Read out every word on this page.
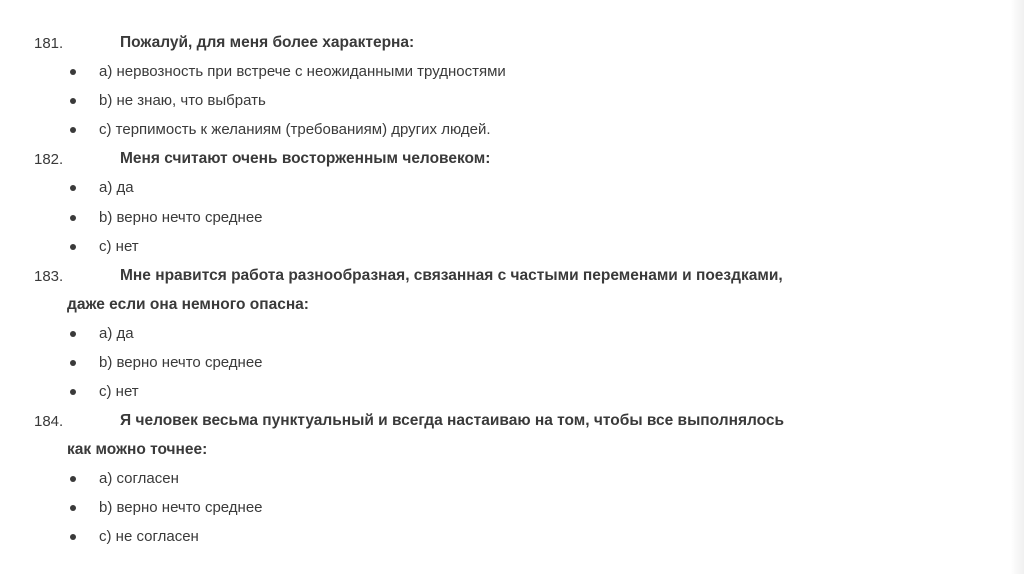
181.	Пожалуй, для меня более характерна:
а) нервозность при встрече с неожиданными трудностями
b) не знаю, что выбрать
с) терпимость к желаниям (требованиям) других людей.
182.	Меня считают очень восторженным человеком:
а) да
b) верно нечто среднее
с) нет
183.	Мне нравится работа разнообразная, связанная с частыми переменами и поездками,
даже если она немного опасна:
а) да
b) верно нечто среднее
с) нет
184.	Я человек весьма пунктуальный и всегда настаиваю на том, чтобы все выполнялось
как можно точнее:
а) согласен
b) верно нечто среднее
с) не согласен
